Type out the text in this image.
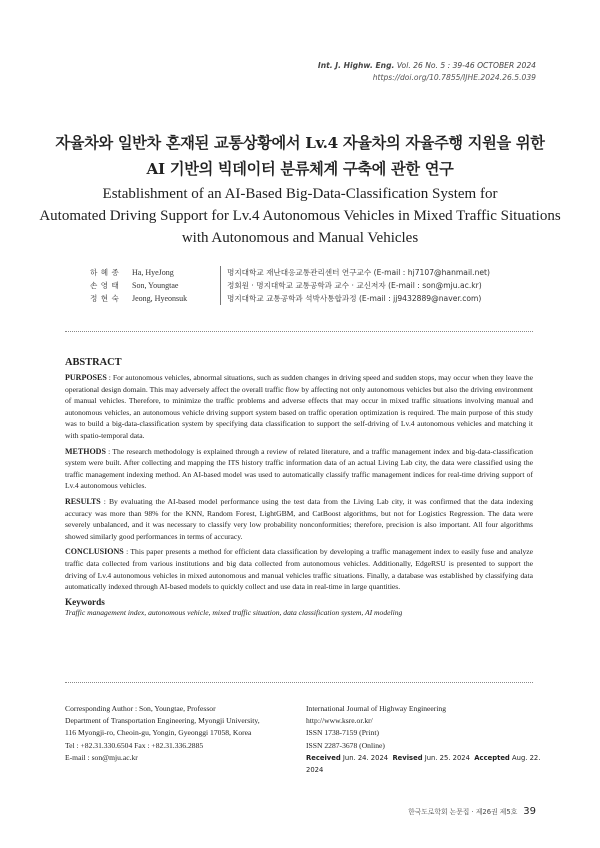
Int. J. Highw. Eng. Vol. 26 No. 5 : 39-46 OCTOBER 2024
https://doi.org/10.7855/IJHE.2024.26.5.039
자율차와 일반차 혼재된 교통상황에서 Lv.4 자율차의 자율주행 지원을 위한
AI 기반의 빅데이터 분류체계 구축에 관한 연구
Establishment of an AI-Based Big-Data-Classification System for
Automated Driving Support for Lv.4 Autonomous Vehicles in Mixed Traffic Situations
with Autonomous and Manual Vehicles
하 혜 종	Ha, HyeJong	명지대학교 재난대응교통관리센터 연구교수 (E-mail : hj7107@hanmail.net)
손 영 태	Son, Youngtae	정회원 · 명지대학교 교통공학과 교수 · 교신저자 (E-mail : son@mju.ac.kr)
정 현 숙	Jeong, Hyeonsuk	명지대학교 교통공학과 석박사통합과정 (E-mail : jj9432889@naver.com)
ABSTRACT

PURPOSES : For autonomous vehicles, abnormal situations, such as sudden changes in driving speed and sudden stops, may occur when they leave the operational design domain. This may adversely affect the overall traffic flow by affecting not only autonomous vehicles but also the driving environment of manual vehicles. Therefore, to minimize the traffic problems and adverse effects that may occur in mixed traffic situations involving manual and autonomous vehicles, an autonomous vehicle driving support system based on traffic operation optimization is required. The main purpose of this study was to build a big-data-classification system by specifying data classification to support the self-driving of Lv.4 autonomous vehicles and matching it with spatio-temporal data.

METHODS : The research methodology is explained through a review of related literature, and a traffic management index and big-data-classification system were built. After collecting and mapping the ITS history traffic information data of an actual Living Lab city, the data were classified using the traffic management indexing method. An AI-based model was used to automatically classify traffic management indices for real-time driving support of Lv.4 autonomous vehicles.

RESULTS : By evaluating the AI-based model performance using the test data from the Living Lab city, it was confirmed that the data indexing accuracy was more than 98% for the KNN, Random Forest, LightGBM, and CatBoost algorithms, but not for Logistics Regression. The data were severely unbalanced, and it was necessary to classify very low probability nonconformities; therefore, precision is also important. All four algorithms showed similarly good performances in terms of accuracy.

CONCLUSIONS : This paper presents a method for efficient data classification by developing a traffic management index to easily fuse and analyze traffic data collected from various institutions and big data collected from autonomous vehicles. Additionally, EdgeRSU is presented to support the driving of Lv.4 autonomous vehicles in mixed autonomous and manual vehicles traffic situations. Finally, a database was established by classifying data automatically indexed through AI-based models to quickly collect and use data in real-time in large quantities.

Keywords
Traffic management index, autonomous vehicle, mixed traffic situation, data classification system, AI modeling
Corresponding Author : Son, Youngtae, Professor
Department of Transportation Engineering, Myongji University,
116 Myongji-ro, Cheoin-gu, Yongin, Gyeonggi 17058, Korea
Tel : +82.31.330.6504 Fax : +82.31.336.2885
E-mail : son@mju.ac.kr
International Journal of Highway Engineering
http://www.ksre.or.kr/
ISSN 1738-7159 (Print)
ISSN 2287-3678 (Online)
Received Jun. 24. 2024 Revised Jun. 25. 2024 Accepted Aug. 22. 2024
한국도로학회 논문집 · 제26권 제5호 39
